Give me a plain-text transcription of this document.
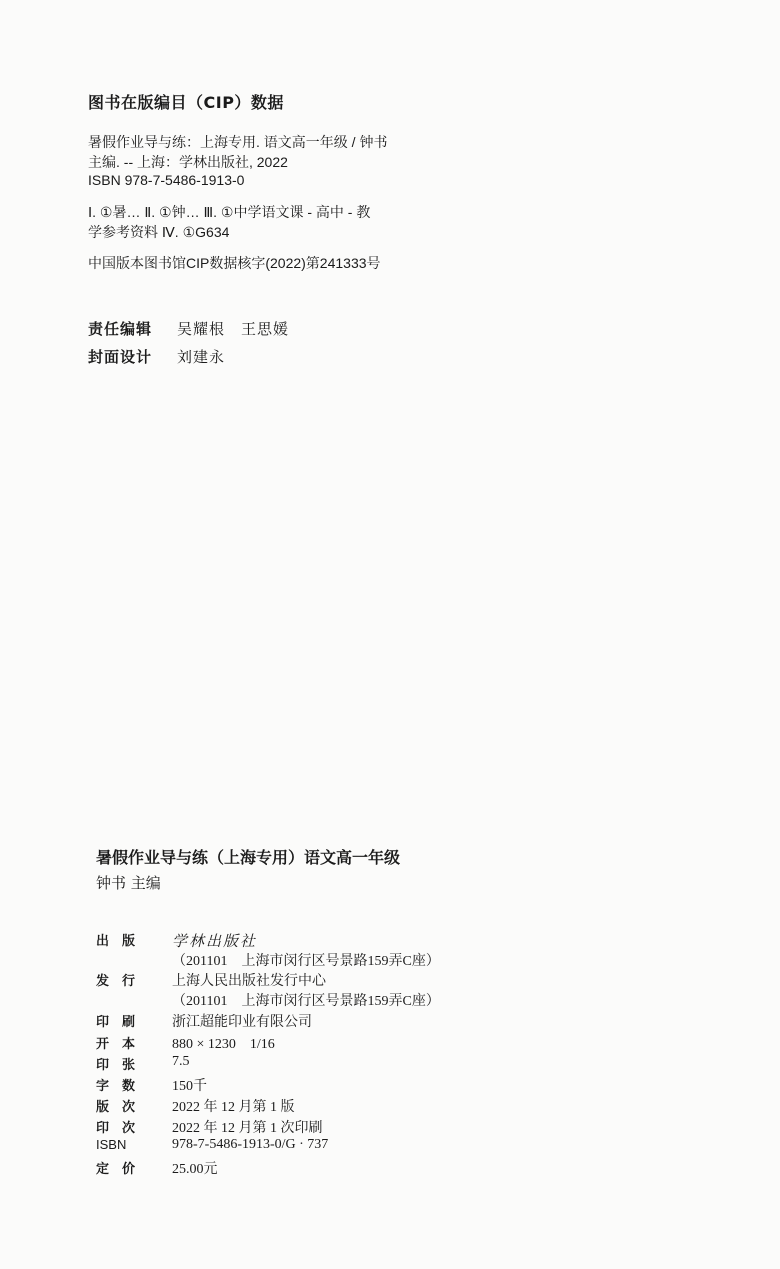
图书在版编目（CIP）数据
暑假作业导与练：上海专用. 语文高一年级 / 钟书
主编. -- 上海：学林出版社, 2022
ISBN 978-7-5486-1913-0
Ⅰ. ①暑… Ⅱ. ①钟… Ⅲ. ①中学语文课 - 高中 - 教
学参考资料 Ⅳ. ①G634
中国版本图书馆CIP数据核字(2022)第241333号
责任编辑 吴耀根 王思媛
封面设计 刘建永
暑假作业导与练（上海专用）语文高一年级
钟书 主编
出 版 学林出版社
（201101　上海市闵行区号景路159弄C座）
发 行	上海人民出版社发行中心
（201101　上海市闵行区号景路159弄C座）
印 刷	浙江超能印业有限公司
开 本	880 × 1230　1/16
印 张	7.5
字 数	150千
版 次	2022 年 12 月第 1 版
印 次	2022 年 12 月第 1 次印刷
ISBN	978-7-5486-1913-0/G · 737
定 价	25.00元
